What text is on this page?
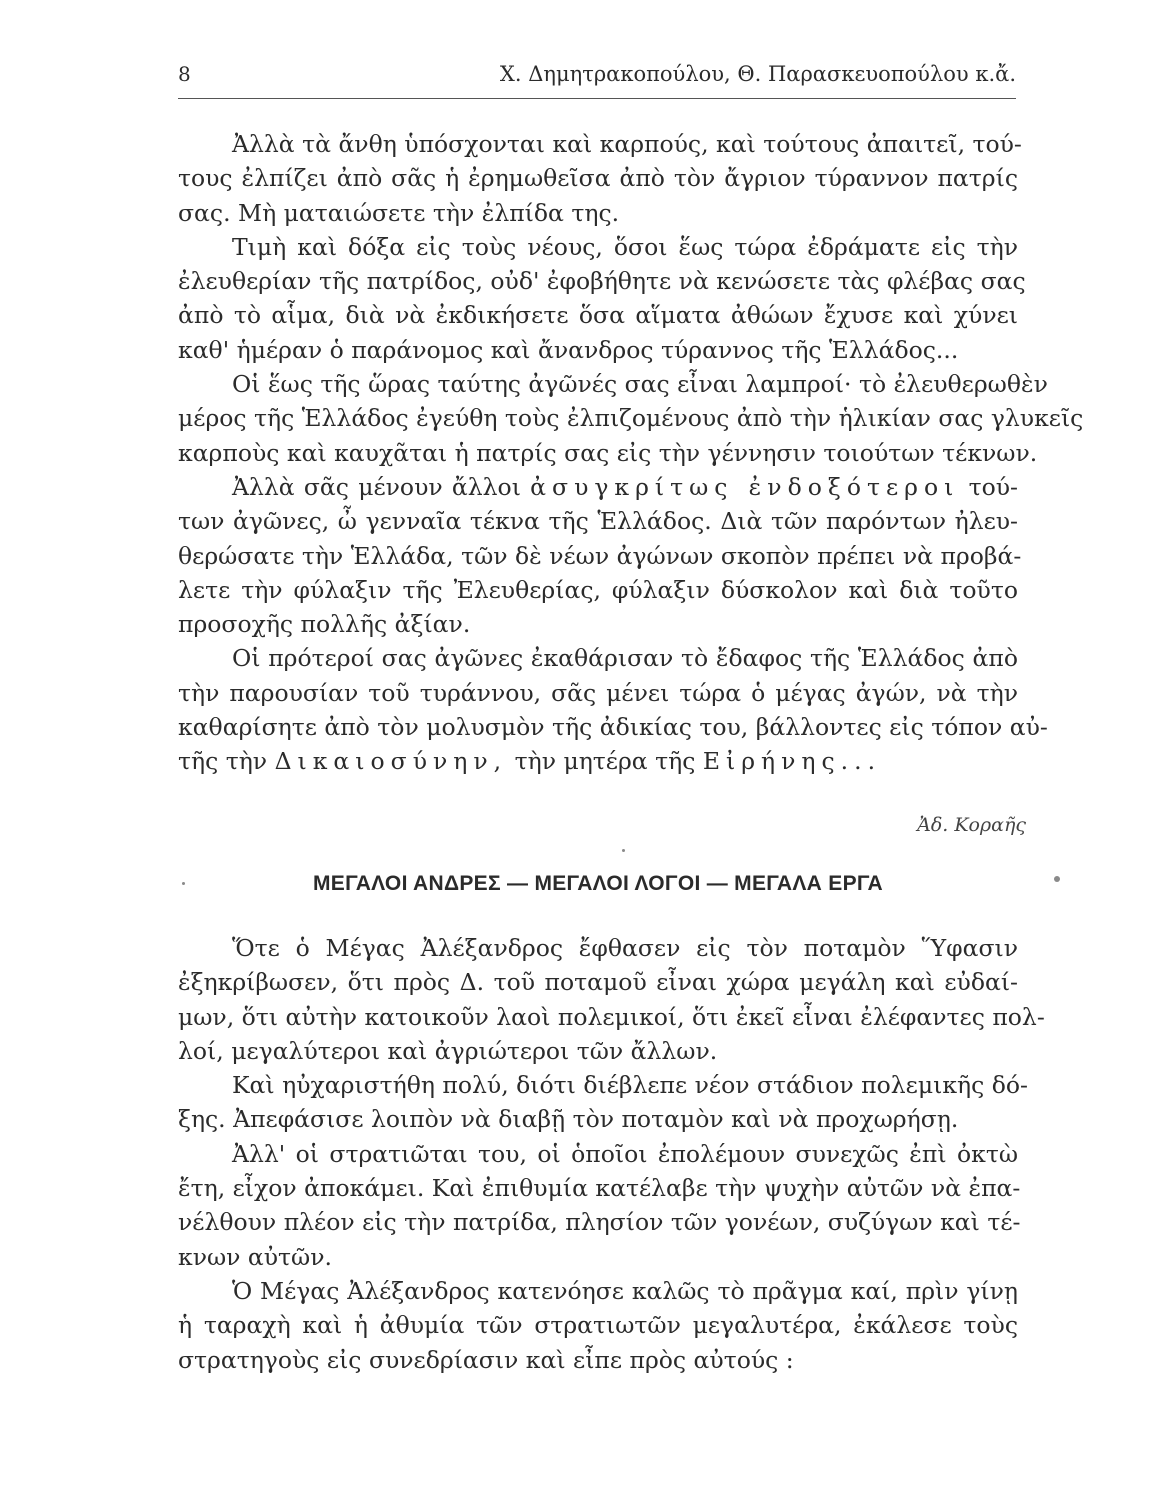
8	Χ. Δημητρακοπούλου, Θ. Παρασκευοπούλου κ.ἄ.
Ἀλλὰ τὰ ἄνθη ὑπόσχονται καὶ καρπούς, καὶ τούτους ἀπαιτεῖ, τού-
τους ἐλπίζει ἀπὸ σᾶς ἡ ἐρημωθεῖσα ἀπὸ τὸν ἄγριον τύραννον πατρίς
σας. Μὴ ματαιώσετε τὴν ἐλπίδα της.
Τιμὴ καὶ δόξα εἰς τοὺς νέους, ὅσοι ἕως τώρα ἐδράματε εἰς τὴν
ἐλευθερίαν τῆς πατρίδος, οὐδ' ἐφοβήθητε νὰ κενώσετε τὰς φλέβας σας
ἀπὸ τὸ αἷμα, διὰ νὰ ἐκδικήσετε ὅσα αἵματα ἀθώων ἔχυσε καὶ χύνει
καθ' ἡμέραν ὁ παράνομος καὶ ἄνανδρος τύραννος τῆς Ἑλλάδος...
Οἱ ἕως τῆς ὥρας ταύτης ἀγῶνές σας εἶναι λαμπροί· τὸ ἐλευθερωθὲν
μέρος τῆς Ἑλλάδος ἐγεύθη τοὺς ἐλπιζομένους ἀπὸ τὴν ἡλικίαν σας γλυκεῖς
καρποὺς καὶ καυχᾶται ἡ πατρίς σας εἰς τὴν γέννησιν τοιούτων τέκνων.
Ἀλλὰ σᾶς μένουν ἄλλοι ἀσυγκρίτως ἐνδοξότεροι τού-
των ἀγῶνες, ὦ γενναῖα τέκνα τῆς Ἑλλάδος. Διὰ τῶν παρόντων ἠλευ-
θερώσατε τὴν Ἑλλάδα, τῶν δὲ νέων ἀγώνων σκοπὸν πρέπει νὰ προβά-
λετε τὴν φύλαξιν τῆς Ἐλευθερίας, φύλαξιν δύσκολον καὶ διὰ τοῦτο
προσοχῆς πολλῆς ἀξίαν.
Οἱ πρότεροί σας ἀγῶνες ἐκαθάρισαν τὸ ἔδαφος τῆς Ἑλλάδος ἀπὸ
τὴν παρουσίαν τοῦ τυράννου, σᾶς μένει τώρα ὁ μέγας ἀγών, νὰ τὴν
καθαρίσητε ἀπὸ τὸν μολυσμὸν τῆς ἀδικίας του, βάλλοντες εἰς τόπον αὐ-
τῆς τὴν Δικαιοσύνην, τὴν μητέρα τῆς Εἰρήνης...
Ἀδ. Κοραῆς
ΜΕΓΑΛΟΙ ΑΝΔΡΕΣ — ΜΕΓΑΛΟΙ ΛΟΓΟΙ — ΜΕΓΑΛΑ ΕΡΓΑ
Ὅτε ὁ Μέγας Ἀλέξανδρος ἔφθασεν εἰς τὸν ποταμὸν Ὕφασιν
ἐξηκρίβωσεν, ὅτι πρὸς Δ. τοῦ ποταμοῦ εἶναι χώρα μεγάλη καὶ εὐδαί-
μων, ὅτι αὐτὴν κατοικοῦν λαοὶ πολεμικοί, ὅτι ἐκεῖ εἶναι ἐλέφαντες πολ-
λοί, μεγαλύτεροι καὶ ἀγριώτεροι τῶν ἄλλων.
Καὶ ηὐχαριστήθη πολύ, διότι διέβλεπε νέον στάδιον πολεμικῆς δό-
ξης. Ἀπεφάσισε λοιπὸν νὰ διαβῇ τὸν ποταμὸν καὶ νὰ προχωρήσῃ.
Ἀλλ' οἱ στρατιῶται του, οἱ ὁποῖοι ἐπολέμουν συνεχῶς ἐπὶ ὀκτὼ
ἔτη, εἶχον ἀποκάμει. Καὶ ἐπιθυμία κατέλαβε τὴν ψυχὴν αὐτῶν νὰ ἐπα-
νέλθουν πλέον εἰς τὴν πατρίδα, πλησίον τῶν γονέων, συζύγων καὶ τέ-
κνων αὐτῶν.
Ὁ Μέγας Ἀλέξανδρος κατενόησε καλῶς τὸ πρᾶγμα καί, πρὶν γίνῃ
ἡ ταραχὴ καὶ ἡ ἀθυμία τῶν στρατιωτῶν μεγαλυτέρα, ἐκάλεσε τοὺς
στρατηγοὺς εἰς συνεδρίασιν καὶ εἶπε πρὸς αὐτούς :
